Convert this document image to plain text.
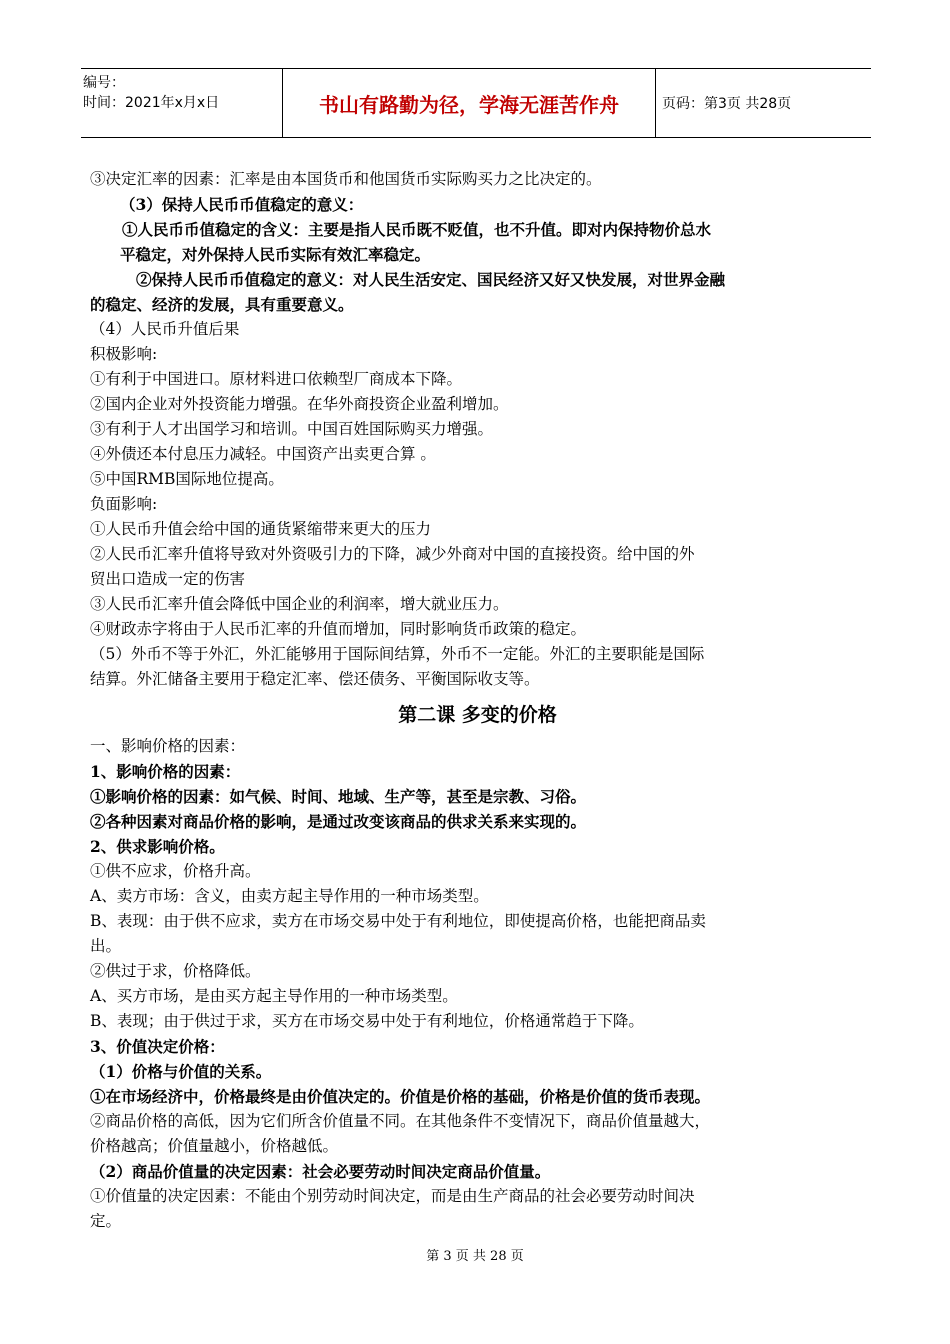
编号：
时间：2021年x月x日	书山有路勤为径，学海无涯苦作舟	页码：第3页 共28页

③决定汇率的因素：汇率是由本国货币和他国货币实际购买力之比决定的。

（3）保持人民币币值稳定的意义：

①人民币币值稳定的含义：主要是指人民币既不贬值，也不升值。即对内保持物价总水

平稳定，对外保持人民币实际有效汇率稳定。

②保持人民币币值稳定的意义：对人民生活安定、国民经济又好又快发展，对世界金融

的稳定、经济的发展，具有重要意义。

（4）人民币升值后果

积极影响:

①有利于中国进口。原材料进口依赖型厂商成本下降。

②国内企业对外投资能力增强。在华外商投资企业盈利增加。

③有利于人才出国学习和培训。中国百姓国际购买力增强。

④外债还本付息压力减轻。中国资产出卖更合算 。

⑤中国RMB国际地位提高。

负面影响:

①人民币升值会给中国的通货紧缩带来更大的压力

②人民币汇率升值将导致对外资吸引力的下降，减少外商对中国的直接投资。给中国的外

贸出口造成一定的伤害

③人民币汇率升值会降低中国企业的利润率，增大就业压力。

④财政赤字将由于人民币汇率的升值而增加，同时影响货币政策的稳定。

（5）外币不等于外汇，外汇能够用于国际间结算，外币不一定能。外汇的主要职能是国际

结算。外汇储备主要用于稳定汇率、偿还债务、平衡国际收支等。

第二课 多变的价格

一、影响价格的因素：

1、影响价格的因素：

①影响价格的因素：如气候、时间、地域、生产等，甚至是宗教、习俗。

②各种因素对商品价格的影响，是通过改变该商品的供求关系来实现的。

2、供求影响价格。

①供不应求，价格升高。

A、卖方市场：含义，由卖方起主导作用的一种市场类型。

B、表现：由于供不应求，卖方在市场交易中处于有利地位，即使提高价格，也能把商品卖

出。

②供过于求，价格降低。

A、买方市场，是由买方起主导作用的一种市场类型。

B、表现；由于供过于求，买方在市场交易中处于有利地位，价格通常趋于下降。

3、价值决定价格：

（1）价格与价值的关系。

①在市场经济中，价格最终是由价值决定的。价值是价格的基础，价格是价值的货币表现。

②商品价格的高低，因为它们所含价值量不同。在其他条件不变情况下，商品价值量越大，

价格越高；价值量越小，价格越低。

（2）商品价值量的决定因素：社会必要劳动时间决定商品价值量。

①价值量的决定因素：不能由个别劳动时间决定，而是由生产商品的社会必要劳动时间决

定。

第 3 页 共 28 页
